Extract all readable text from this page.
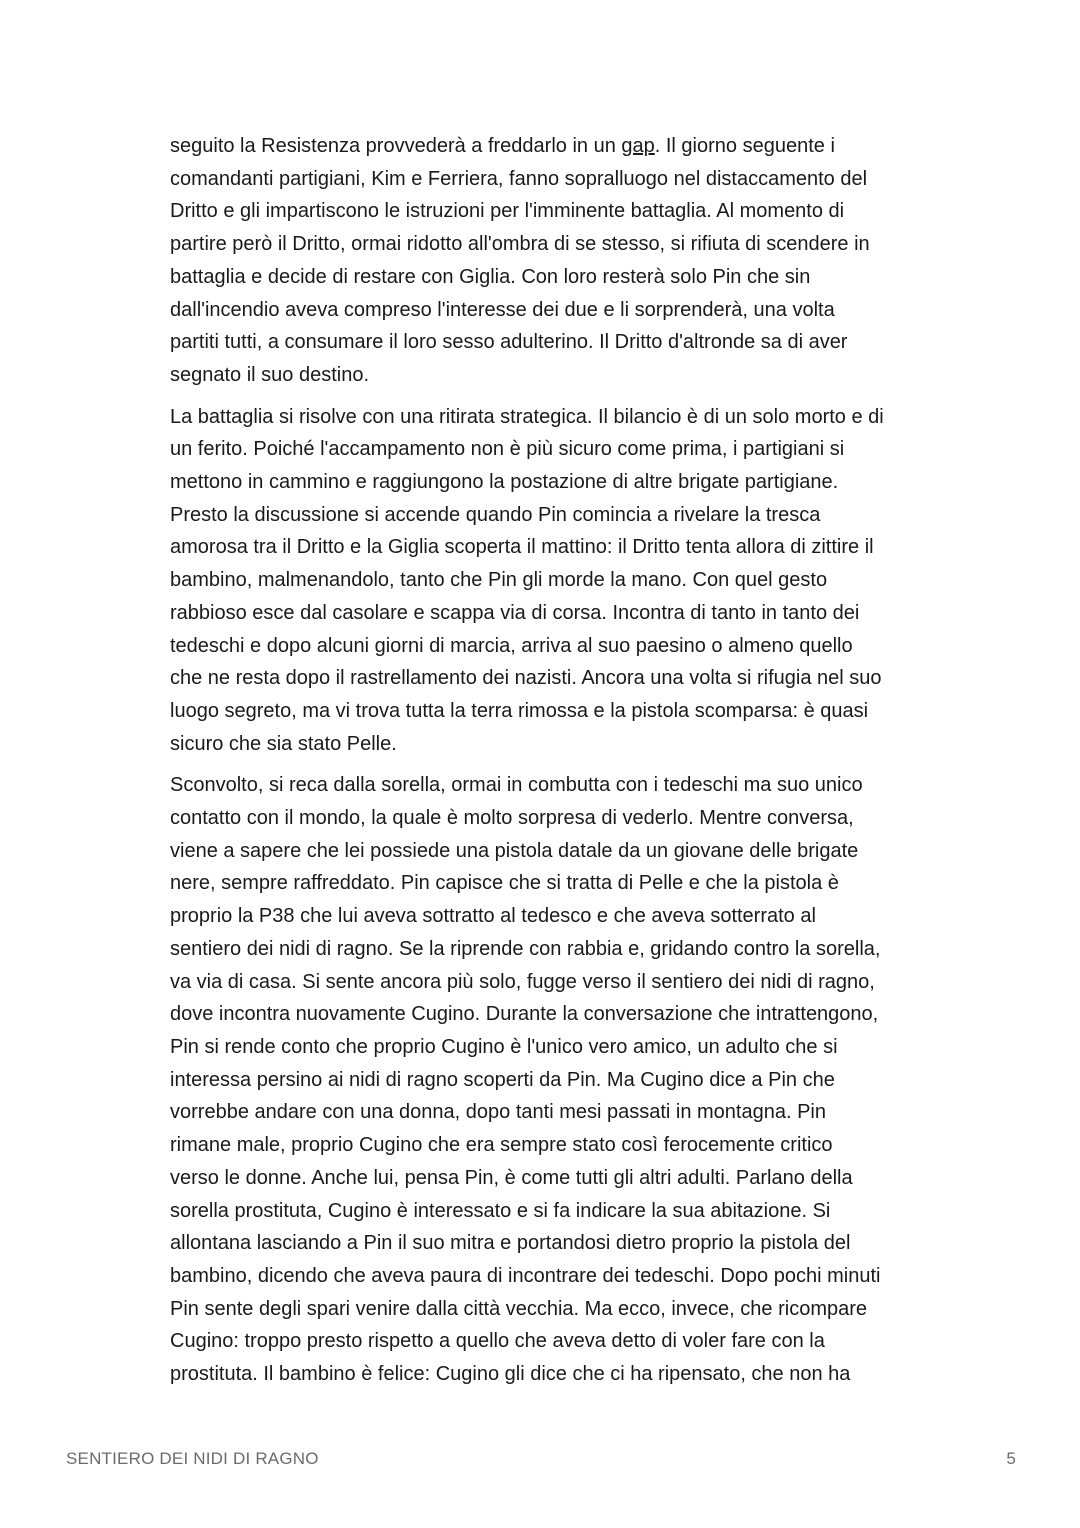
seguito la Resistenza provvederà a freddarlo in un gap. Il giorno seguente i
comandanti partigiani, Kim e Ferriera, fanno sopralluogo nel distaccamento del
Dritto e gli impartiscono le istruzioni per l'imminente battaglia. Al momento di
partire però il Dritto, ormai ridotto all'ombra di se stesso, si rifiuta di scendere in
battaglia e decide di restare con Giglia. Con loro resterà solo Pin che sin
dall'incendio aveva compreso l'interesse dei due e li sorprenderà, una volta
partiti tutti, a consumare il loro sesso adulterino. Il Dritto d'altronde sa di aver
segnato il suo destino.

La battaglia si risolve con una ritirata strategica. Il bilancio è di un solo morto e di
un ferito. Poiché l'accampamento non è più sicuro come prima, i partigiani si
mettono in cammino e raggiungono la postazione di altre brigate partigiane.
Presto la discussione si accende quando Pin comincia a rivelare la tresca
amorosa tra il Dritto e la Giglia scoperta il mattino: il Dritto tenta allora di zittire il
bambino, malmenandolo, tanto che Pin gli morde la mano. Con quel gesto
rabbioso esce dal casolare e scappa via di corsa. Incontra di tanto in tanto dei
tedeschi e dopo alcuni giorni di marcia, arriva al suo paesino o almeno quello
che ne resta dopo il rastrellamento dei nazisti. Ancora una volta si rifugia nel suo
luogo segreto, ma vi trova tutta la terra rimossa e la pistola scomparsa: è quasi
sicuro che sia stato Pelle.

Sconvolto, si reca dalla sorella, ormai in combutta con i tedeschi ma suo unico
contatto con il mondo, la quale è molto sorpresa di vederlo. Mentre conversa,
viene a sapere che lei possiede una pistola datale da un giovane delle brigate
nere, sempre raffreddato. Pin capisce che si tratta di Pelle e che la pistola è
proprio la P38 che lui aveva sottratto al tedesco e che aveva sotterrato al
sentiero dei nidi di ragno. Se la riprende con rabbia e, gridando contro la sorella,
va via di casa. Si sente ancora più solo, fugge verso il sentiero dei nidi di ragno,
dove incontra nuovamente Cugino. Durante la conversazione che intrattengono,
Pin si rende conto che proprio Cugino è l'unico vero amico, un adulto che si
interessa persino ai nidi di ragno scoperti da Pin. Ma Cugino dice a Pin che
vorrebbe andare con una donna, dopo tanti mesi passati in montagna. Pin
rimane male, proprio Cugino che era sempre stato così ferocemente critico
verso le donne. Anche lui, pensa Pin, è come tutti gli altri adulti. Parlano della
sorella prostituta, Cugino è interessato e si fa indicare la sua abitazione. Si
allontana lasciando a Pin il suo mitra e portandosi dietro proprio la pistola del
bambino, dicendo che aveva paura di incontrare dei tedeschi. Dopo pochi minuti
Pin sente degli spari venire dalla città vecchia. Ma ecco, invece, che ricompare
Cugino: troppo presto rispetto a quello che aveva detto di voler fare con la
prostituta. Il bambino è felice: Cugino gli dice che ci ha ripensato, che non ha

SENTIERO DEI NIDI DI RAGNO	5
